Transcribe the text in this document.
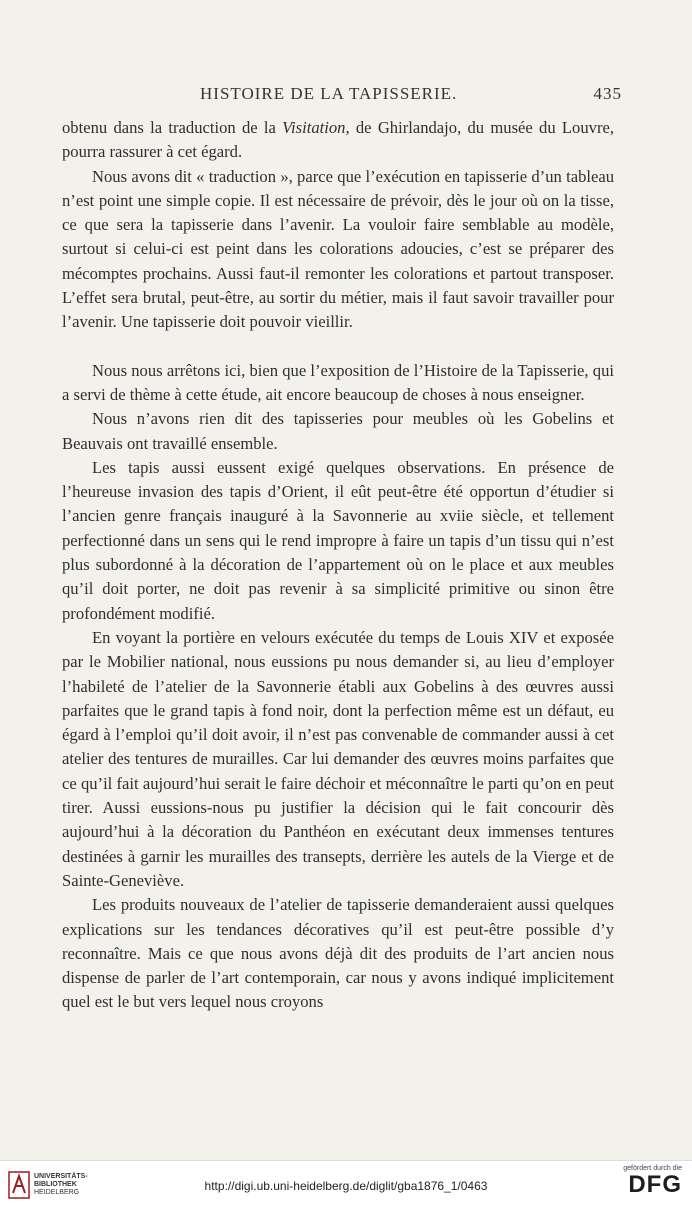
HISTOIRE DE LA TAPISSERIE.	435

obtenu dans la traduction de la Visitation, de Ghirlandajo, du musée du Louvre, pourra rassurer à cet égard.

Nous avons dit « traduction », parce que l’exécution en tapisserie d’un tableau n’est point une simple copie. Il est nécessaire de prévoir, dès le jour où on la tisse, ce que sera la tapisserie dans l’avenir. La vouloir faire semblable au modèle, surtout si celui-ci est peint dans les colorations adoucies, c’est se préparer des mécomptes prochains. Aussi faut-il remonter les colorations et partout transposer. L’effet sera brutal, peut-être, au sortir du métier, mais il faut savoir travailler pour l’avenir. Une tapisserie doit pouvoir vieillir.

Nous nous arrêtons ici, bien que l’exposition de l’Histoire de la Tapisserie, qui a servi de thème à cette étude, ait encore beaucoup de choses à nous enseigner.

Nous n’avons rien dit des tapisseries pour meubles où les Gobelins et Beauvais ont travaillé ensemble.

Les tapis aussi eussent exigé quelques observations. En présence de l’heureuse invasion des tapis d’Orient, il eût peut-être été opportun d’étudier si l’ancien genre français inauguré à la Savonnerie au xviie siècle, et tellement perfectionné dans un sens qui le rend impropre à faire un tapis d’un tissu qui n’est plus subordonné à la décoration de l’appartement où on le place et aux meubles qu’il doit porter, ne doit pas revenir à sa simplicité primitive ou sinon être profondément modifié.

En voyant la portière en velours exécutée du temps de Louis XIV et exposée par le Mobilier national, nous eussions pu nous demander si, au lieu d’employer l’habileté de l’atelier de la Savonnerie établi aux Gobelins à des œuvres aussi parfaites que le grand tapis à fond noir, dont la perfection même est un défaut, eu égard à l’emploi qu’il doit avoir, il n’est pas convenable de commander aussi à cet atelier des tentures de murailles. Car lui demander des œuvres moins parfaites que ce qu’il fait aujourd’hui serait le faire déchoir et méconnaître le parti qu’on en peut tirer. Aussi eussions-nous pu justifier la décision qui le fait concourir dès aujourd’hui à la décoration du Panthéon en exécutant deux immenses tentures destinées à garnir les murailles des transepts, derrière les autels de la Vierge et de Sainte-Geneviève.

Les produits nouveaux de l’atelier de tapisserie demanderaient aussi quelques explications sur les tendances décoratives qu’il est peut-être possible d’y reconnaître. Mais ce que nous avons déjà dit des produits de l’art ancien nous dispense de parler de l’art contemporain, car nous y avons indiqué implicitement quel est le but vers lequel nous croyons

UNIVERSITÄTS-
BIBLIOTHEK
HEIDELBERG	http://digi.ub.uni-heidelberg.de/diglit/gba1876_1/0463
gefördert durch die
DFG
